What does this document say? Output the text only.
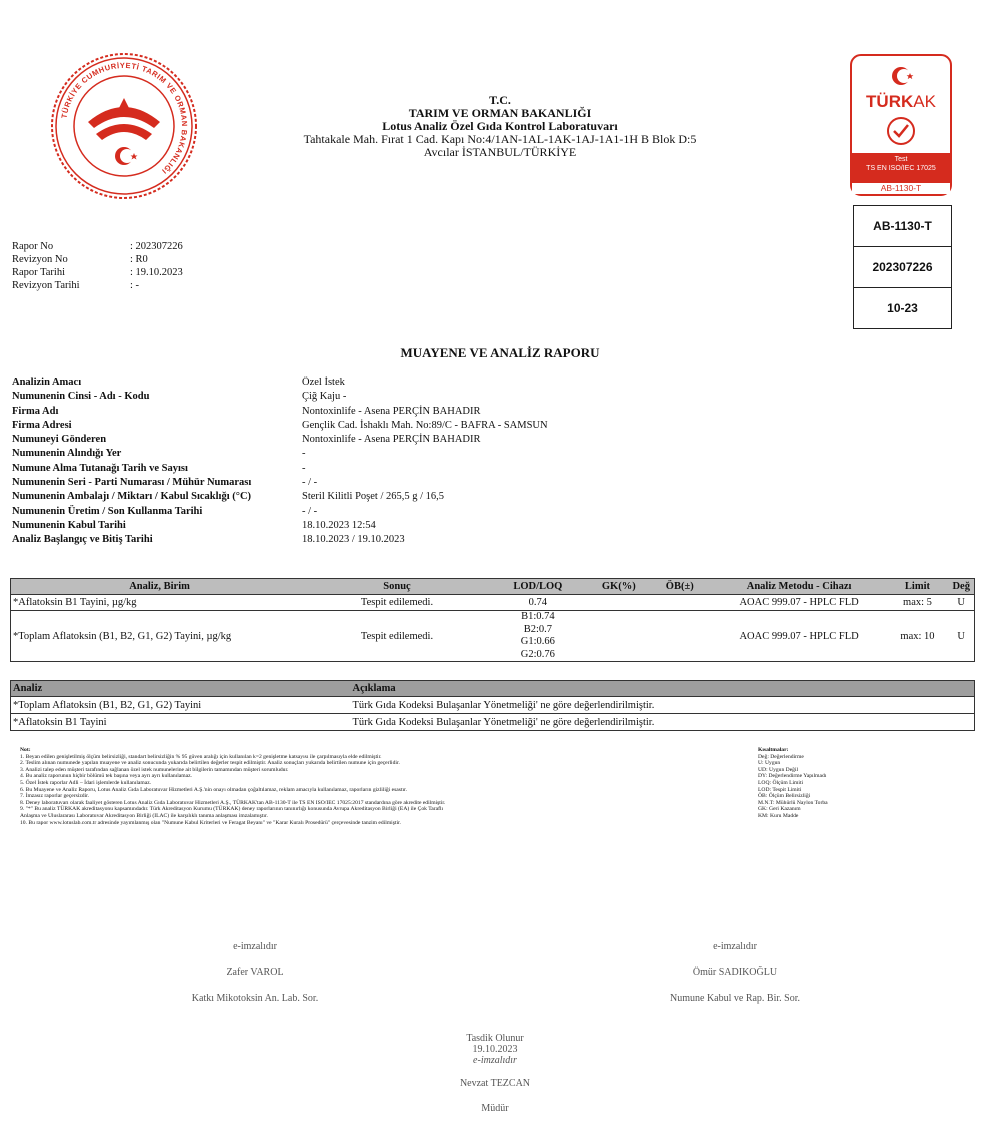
TÜRKİYE CUMHURİYETİ TARIM VE ORMAN BAKANLIĞI
T.C.
TARIM VE ORMAN BAKANLIĞI
Lotus Analiz Özel Gıda Kontrol Laboratuvarı
Tahtakale Mah. Fırat 1 Cad. Kapı No:4/1AN-1AL-1AK-1AJ-1A1-1H B Blok D:5
Avcılar İSTANBUL/TÜRKİYE
TÜRKAK
Test
TS EN ISO/IEC 17025
AB-1130-T
AB-1130-T
202307226
10-23
Rapor No	: 202307226
Revizyon No	: R0
Rapor Tarihi	: 19.10.2023
Revizyon Tarihi	: -
MUAYENE VE ANALİZ RAPORU
Analizin Amacı	Özel İstek
Numunenin Cinsi - Adı - Kodu	Çiğ Kaju -
Firma Adı	Nontoxinlife - Asena PERÇİN BAHADIR
Firma Adresi	Gençlik Cad. İshaklı Mah. No:89/C - BAFRA - SAMSUN
Numuneyi Gönderen	Nontoxinlife - Asena PERÇİN BAHADIR
Numunenin Alındığı Yer	-
Numune Alma Tutanağı Tarih ve Sayısı	-
Numunenin Seri - Parti Numarası / Mühür Numarası	- / -
Numunenin Ambalajı / Miktarı / Kabul Sıcaklığı (°C)	Steril Kilitli Poşet / 265,5 g / 16,5
Numunenin Üretim / Son Kullanma Tarihi	- / -
Numunenin Kabul Tarihi	18.10.2023 12:54
Analiz Başlangıç ve Bitiş Tarihi	18.10.2023 / 19.10.2023
Analiz, Birim	Sonuç	LOD/LOQ	GK(%)	ÖB(±)	Analiz Metodu - Cihazı	Limit	Değ
*Aflatoksin B1 Tayini, µg/kg	Tespit edilemedi.	0.74			AOAC 999.07 - HPLC FLD	max: 5	U
*Toplam Aflatoksin (B1, B2, G1, G2) Tayini, µg/kg	Tespit edilemedi.	B1:0.74
B2:0.7
G1:0.66
G2:0.76			AOAC 999.07 - HPLC FLD	max: 10	U
Analiz	Açıklama
*Toplam Aflatoksin (B1, B2, G1, G2) Tayini	Türk Gıda Kodeksi Bulaşanlar Yönetmeliği' ne göre değerlendirilmiştir.
*Aflatoksin B1 Tayini	Türk Gıda Kodeksi Bulaşanlar Yönetmeliği' ne göre değerlendirilmiştir.
Not:
1. Beyan edilen genişletilmiş ölçüm belirsizliği, standart belirsizliğin % 95 güven aralığı için kullanılan k=2 genişletme katsayısı ile çarpılmasıyla elde edilmiştir.
2. Teslim alınan numunede yapılan muayene ve analiz sonucunda yukarıda belirtilen değerler tespit edilmiştir. Analiz sonuçları yukarıda belirtilen numune için geçerlidir.
3. Analizi talep eden müşteri tarafından sağlanan özel istek numunelerine ait bilgilerin tamamından müşteri sorumludur.
4. Bu analiz raporunun hiçbir bölümü tek başına veya ayrı ayrı kullanılamaz.
5. Özel İstek raporlar Adli – İdari işlemlerde kullanılamaz.
6. Bu Muayene ve Analiz Raporu, Lotus Analiz Gıda Laboratuvar Hizmetleri A.Ş.'nin onayı olmadan çoğaltılamaz, reklam amacıyla kullanılamaz, raporların gizliliği esastır.
7. İmzasız raporlar geçersizdir.
8. Deney laboratuvarı olarak faaliyet gösteren Lotus Analiz Gıda Laboratuvar Hizmetleri A.Ş., TÜRKAK'tan AB-1130-T ile TS EN ISO/IEC 17025:2017 standardına göre akredite edilmiştir.
9. "*" Bu analiz TÜRKAK akreditasyonu kapsamındadır. Türk Akreditasyon Kurumu (TÜRKAK) deney raporlarının tanınırlığı konusunda Avrupa Akreditasyon Birliği (EA) ile Çok Taraflı
Anlaşma ve Uluslararası Laboratuvar Akreditasyon Birliği (ILAC) ile karşılıklı tanıma anlaşması imzalamıştır.
10. Bu rapor www.lotuslab.com.tr adresinde yayımlanmış olan "Numune Kabul Kriterleri ve Feragat Beyanı" ve "Karar Kuralı Prosedürü" çerçevesinde tanzim edilmiştir.
Kısaltmalar:
Değ: Değerlendirme
U: Uygun
UD: Uygun Değil
DY: Değerlendirme Yapılmadı
LOQ: Ölçüm Limiti
LOD: Tespit Limiti
ÖB: Ölçüm Belirsizliği
M.N.T: Mühürlü Naylon Torba
GK: Geri Kazanım
KM: Kuru Madde

e-imzalıdır

Zafer VAROL

Katkı Mikotoksin An. Lab. Sor.

e-imzalıdır

Ömür SADIKOĞLU

Numune Kabul ve Rap. Bir. Sor.

Tasdik Olunur

19.10.2023

e-imzalıdır

Nevzat TEZCAN

Müdür
